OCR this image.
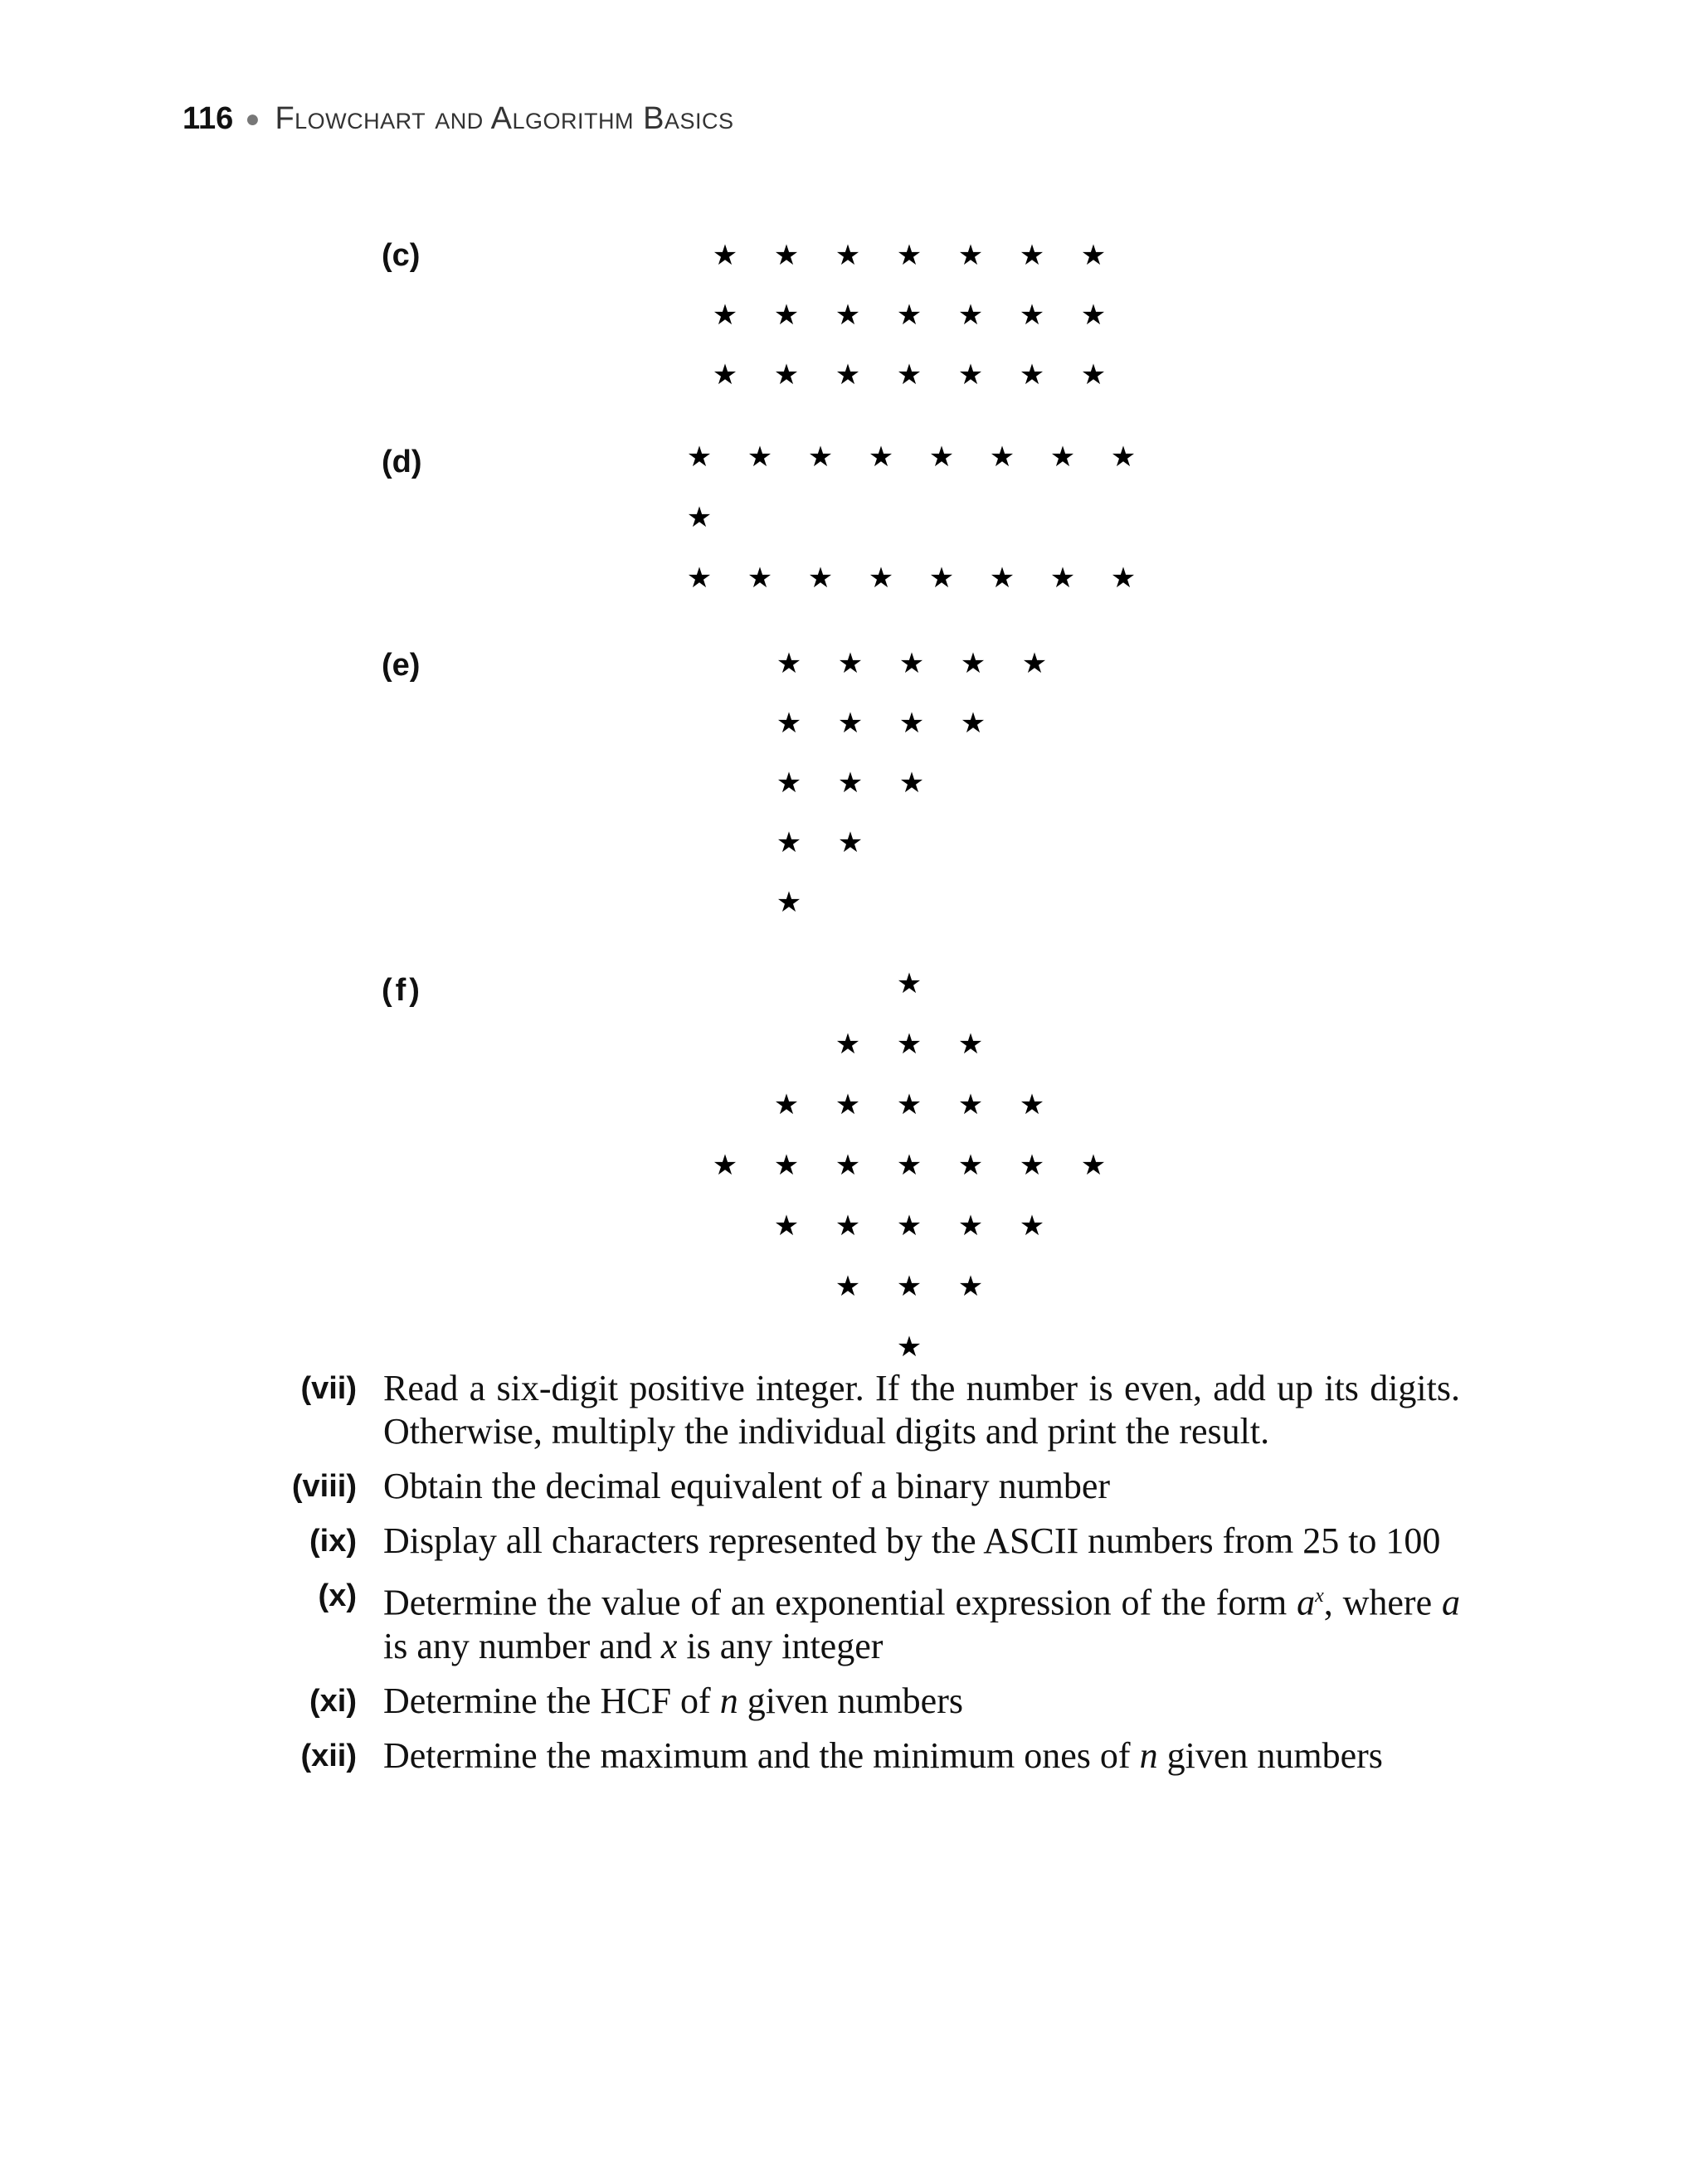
116 ● Flowchart and Algorithm Basics
(c)
(d)
(e)
(f)
★ ★ ★ ★ ★ ★ ★
★ ★ ★ ★ ★ ★ ★
★ ★ ★ ★ ★ ★ ★
★ ★ ★ ★ ★ ★ ★ ★
★
★ ★ ★ ★ ★ ★ ★ ★
★ ★ ★ ★ ★
★ ★ ★ ★
★ ★ ★
★ ★
★
★
★ ★ ★
★ ★ ★ ★ ★
★ ★ ★ ★ ★ ★ ★
★ ★ ★ ★ ★
★ ★ ★
★
(vii) Read a six-digit positive integer. If the number is even, add up its digits. Otherwise, multiply the individual digits and print the result.
(viii) Obtain the decimal equivalent of a binary number
(ix) Display all characters represented by the ASCII numbers from 25 to 100
(x) Determine the value of an exponential expression of the form $a^x$, where a is any number and x is any integer
(xi) Determine the HCF of n given numbers
(xii) Determine the maximum and the minimum ones of n given numbers
